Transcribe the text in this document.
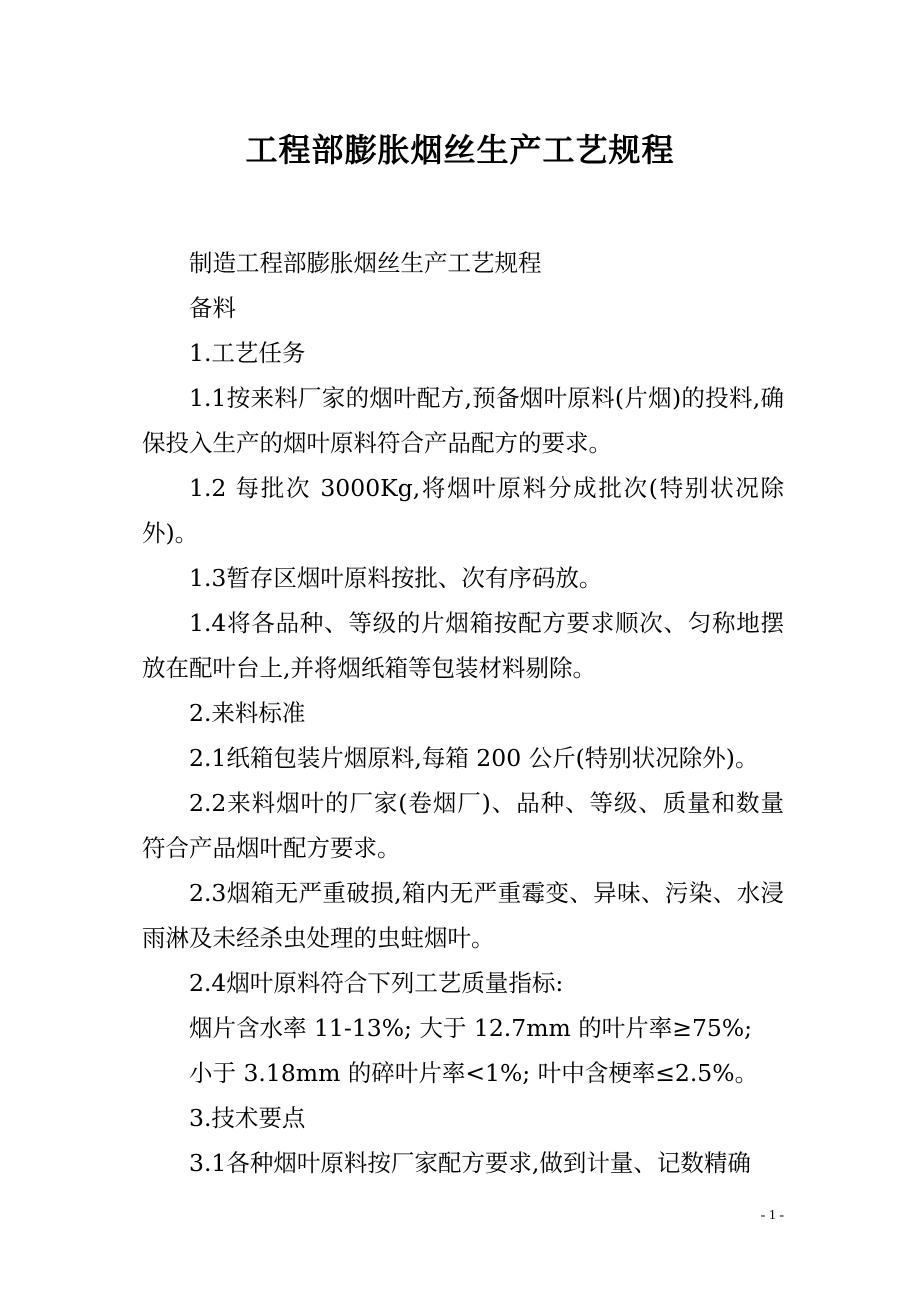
工程部膨胀烟丝生产工艺规程

制造工程部膨胀烟丝生产工艺规程

备料

1.工艺任务

1.1按来料厂家的烟叶配方,预备烟叶原料(片烟)的投料,确保投入生产的烟叶原料符合产品配方的要求。

1.2 每批次 3000Kg,将烟叶原料分成批次(特别状况除外)。

1.3暂存区烟叶原料按批、次有序码放。

1.4将各品种、等级的片烟箱按配方要求顺次、匀称地摆放在配叶台上,并将烟纸箱等包装材料剔除。

2.来料标准

2.1纸箱包装片烟原料,每箱 200 公斤(特别状况除外)。

2.2来料烟叶的厂家(卷烟厂)、品种、等级、质量和数量符合产品烟叶配方要求。

2.3烟箱无严重破损,箱内无严重霉变、异味、污染、水浸雨淋及未经杀虫处理的虫蛀烟叶。

2.4烟叶原料符合下列工艺质量指标:

烟片含水率 11-13%; 大于 12.7mm 的叶片率≥75%;

小于 3.18mm 的碎叶片率<1%; 叶中含梗率≤2.5%。

3.技术要点

3.1各种烟叶原料按厂家配方要求,做到计量、记数精确

- 1 -
